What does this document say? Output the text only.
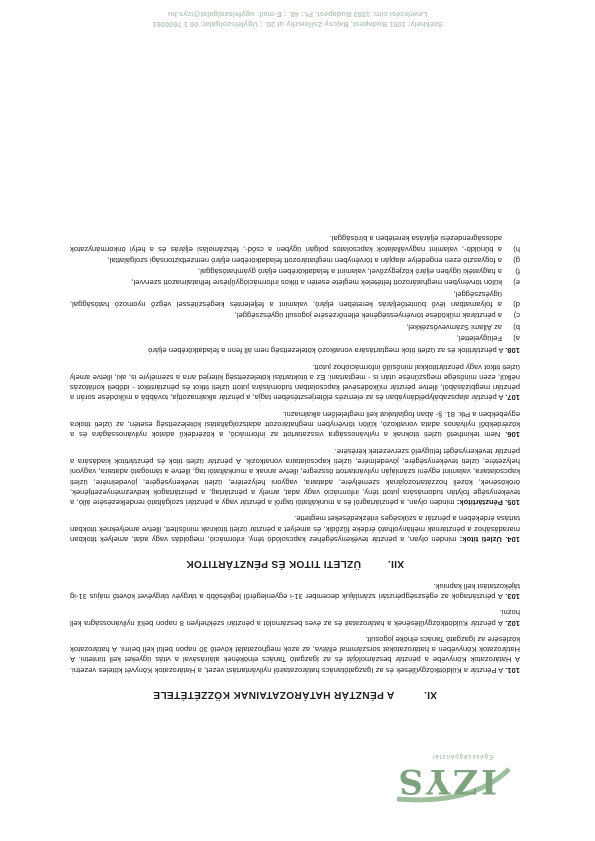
IZYS
Egészségpénztár
XI. A PÉNZTÁR HATÁROZATAINAK KÖZZÉTÉTELE

101. A Pénztár a Küldöttközgyűlések és az Igazgatótanács határozatairól nyilvántartást vezet, a Határozatok Könyvét köteles vezetni. A Határozatok Könyvébe a pénztár beszámolóját és az Igazgató Tanács elnökének aláírásával a vitás ügyeket kell tüntetni. A Határozatok Könyvében a határozatokat sorszámmal ellátva, az azok meghozatalát követő 30 napon belül kell beírni. A határozatok közlésére az Igazgató Tanács elnöke jogosult.

102. A pénztár Küldöttközgyűlésének a határozatait és az éves beszámolót a pénztári székhelyen 8 napon belül nyilvánosságra kell hozni.

103. A pénztártagok az egészségpénztári számlájuk december 31-i egyenlegéről legkésőbb a tárgyév tárgyévet követő május 31-ig tájékoztatást kell kapniuk.

XII. ÜZLETI TITOK ÉS PÉNZTÁRTITOK

104. Üzleti titok: minden olyan, a pénztár tevékenységéhez kapcsolódó tény, információ, megoldás vagy adat, amelyek titokban maradásához a pénztárnak méltányolható érdeke fűződik, és amelyet a pénztár üzleti titoknak minősített, illetve amelyeknek titokban tartása érdekében a pénztár a szükséges intézkedéseket megtette.

105. Pénztártitok: minden olyan, a pénztártagról és a munkáltatói tagról a pénztár vagy a pénztári szolgáltató rendelkezésére álló, a tevékenysége folytán tudomására jutott tény, információ vagy adat, amely a pénztártag, a pénztártagok kedvezményezettjének, örökösének, közeli hozzátartozójának személyére, adataira, vagyoni helyzetére, üzleti tevékenységére, jövedelmére, üzleti kapcsolataira, valamint egyéni számláján nyilvántartott összegre, illetve annak a munkáltatói tag, illetve a támogató adataira, vagyoni helyzetére, üzleti tevékenységére, jövedelmére, üzleti kapcsolataira vonatkozik. A pénztár üzleti titok és pénztártitok kiadására a pénztár tevékenységét felügyelő szervezetek kérésére.

106. Nem tekinthető üzleti titoknak a nyilvánosságra visszatartott az információ, a közérdekű adatok nyilvánosságára és a közérdekből nyilvános adata vonatkozó, külön törvényben meghatározott adatszolgáltatási kötelezettség esetén, az üzleti titokra egyebekben a Ptk. 81. §- ában foglaltakat kell megfelelően alkalmazni.

107. A pénztár alapszabálypéldányában és az elemzés előterjesztésében tagja, a pénztár alkalmazottja, továbbá a működése során a pénztári megbízásából, illetve pénztár működésével kapcsolatban tudomására jutott üzleti titkot és pénztártitkot - időbeli korlátozás nélkül, ezen minősége megszűnése után is - megtartani. Ez a titoktartási kötelezettség kiterjed arra a személyre is, aki, illetve amely üzleti titkot vagy pénztártitokkal minősülő információhoz jutott.

108. A pénztártitok és az üzleti titok megtartására vonatkozó kötelezettség nem áll fenn a feladatkörében eljáró

a)
Felügyelettel,
b)
az Állami Számvevőszékkel,
c)
a pénztárak működése törvényességének ellenőrzésére jogosult ügyészséggel,
d)
a folyamatban lévő büntetőeljárás keretében eljáró, valamint a feljelentés kiegészítéssel végző nyomozó hatósággal, ügyészséggel,
e)
külön törvényben meghatározott feltételek megléte esetén a titkos információgyűjtésre felhatalmazott szervvel,
f)
a hagyatéki ügyben eljáró közjegyzővel, valamint a feladatkörében eljáró gyámhatósággal,
g)
a fogyasztó ezen engedélye alapján a törvényben meghatározott feladatkörében eljáró nemzetbiztonsági szolgálattal,
h)
a bűnüldö-, valamint nagyvállalatok kapcsolatos polgári ügyben a csőd-, felszámolási eljárás és a helyi önkormányzatok adósságrendezési eljárása keretében a bírósággal.
Székhely: 1051 Budapest, Bajcsy-Zsilinszky út 20. ; Ügyfélszolgálat: 06 1 7600061
Levelezési cím: 1583 Budapest, Pf.: 48. ; E-mail: ugyfelszolgalat@izys.hu
